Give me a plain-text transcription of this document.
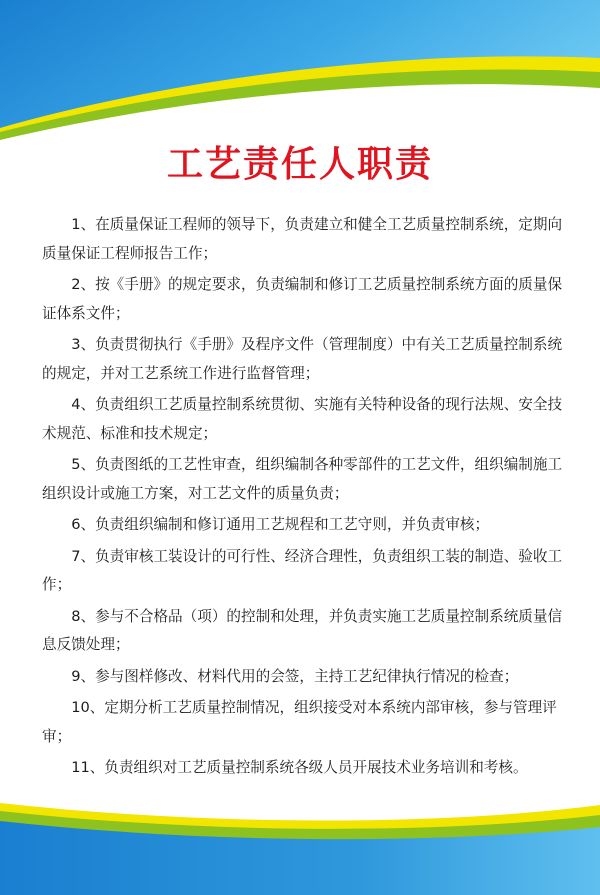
工艺责任人职责
1、在质量保证工程师的领导下，负责建立和健全工艺质量控制系统，定期向质量保证工程师报告工作；
2、按《手册》的规定要求，负责编制和修订工艺质量控制系统方面的质量保证体系文件；
3、负责贯彻执行《手册》及程序文件（管理制度）中有关工艺质量控制系统的规定，并对工艺系统工作进行监督管理；
4、负责组织工艺质量控制系统贯彻、实施有关特种设备的现行法规、安全技术规范、标准和技术规定；
5、负责图纸的工艺性审查，组织编制各种零部件的工艺文件，组织编制施工组织设计或施工方案，对工艺文件的质量负责；
6、负责组织编制和修订通用工艺规程和工艺守则，并负责审核；
7、负责审核工装设计的可行性、经济合理性，负责组织工装的制造、验收工作；
8、参与不合格品（项）的控制和处理，并负责实施工艺质量控制系统质量信息反馈处理；
9、参与图样修改、材料代用的会签，主持工艺纪律执行情况的检查；
10、定期分析工艺质量控制情况，组织接受对本系统内部审核，参与管理评审；
11、负责组织对工艺质量控制系统各级人员开展技术业务培训和考核。
